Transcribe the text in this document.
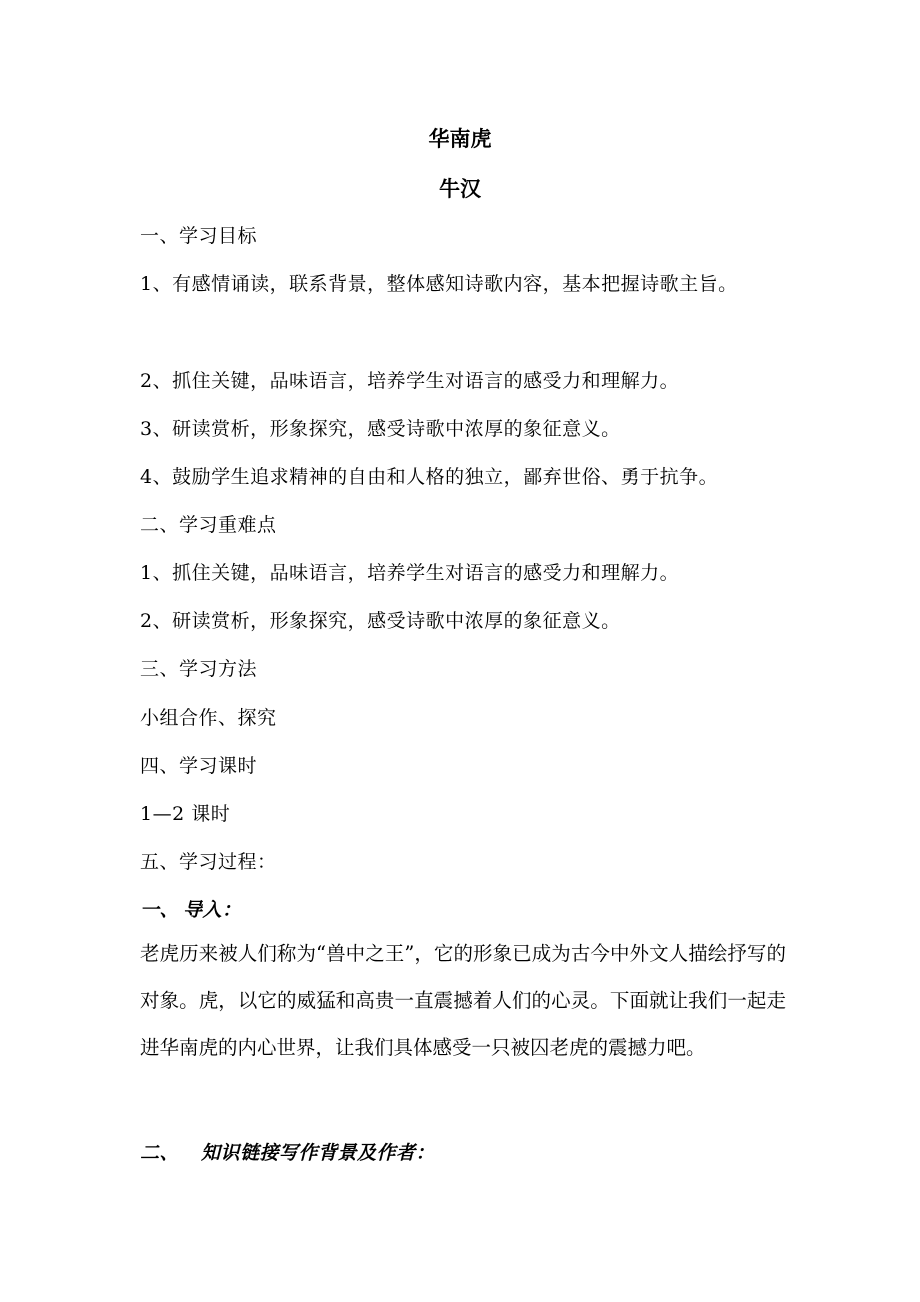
华南虎
牛汉
一、学习目标
1、有感情诵读，联系背景，整体感知诗歌内容，基本把握诗歌主旨。
2、抓住关键，品味语言，培养学生对语言的感受力和理解力。
3、研读赏析，形象探究，感受诗歌中浓厚的象征意义。
4、鼓励学生追求精神的自由和人格的独立，鄙弃世俗、勇于抗争。
二、学习重难点
1、抓住关键，品味语言，培养学生对语言的感受力和理解力。
2、研读赏析，形象探究，感受诗歌中浓厚的象征意义。
三、学习方法
小组合作、探究
四、学习课时
1—2 课时
五、学习过程：
一、 导入：
老虎历来被人们称为“兽中之王”，它的形象已成为古今中外文人描绘抒写的对象。虎，以它的威猛和高贵一直震撼着人们的心灵。下面就让我们一起走进华南虎的内心世界，让我们具体感受一只被囚老虎的震撼力吧。
二、 知识链接写作背景及作者：
